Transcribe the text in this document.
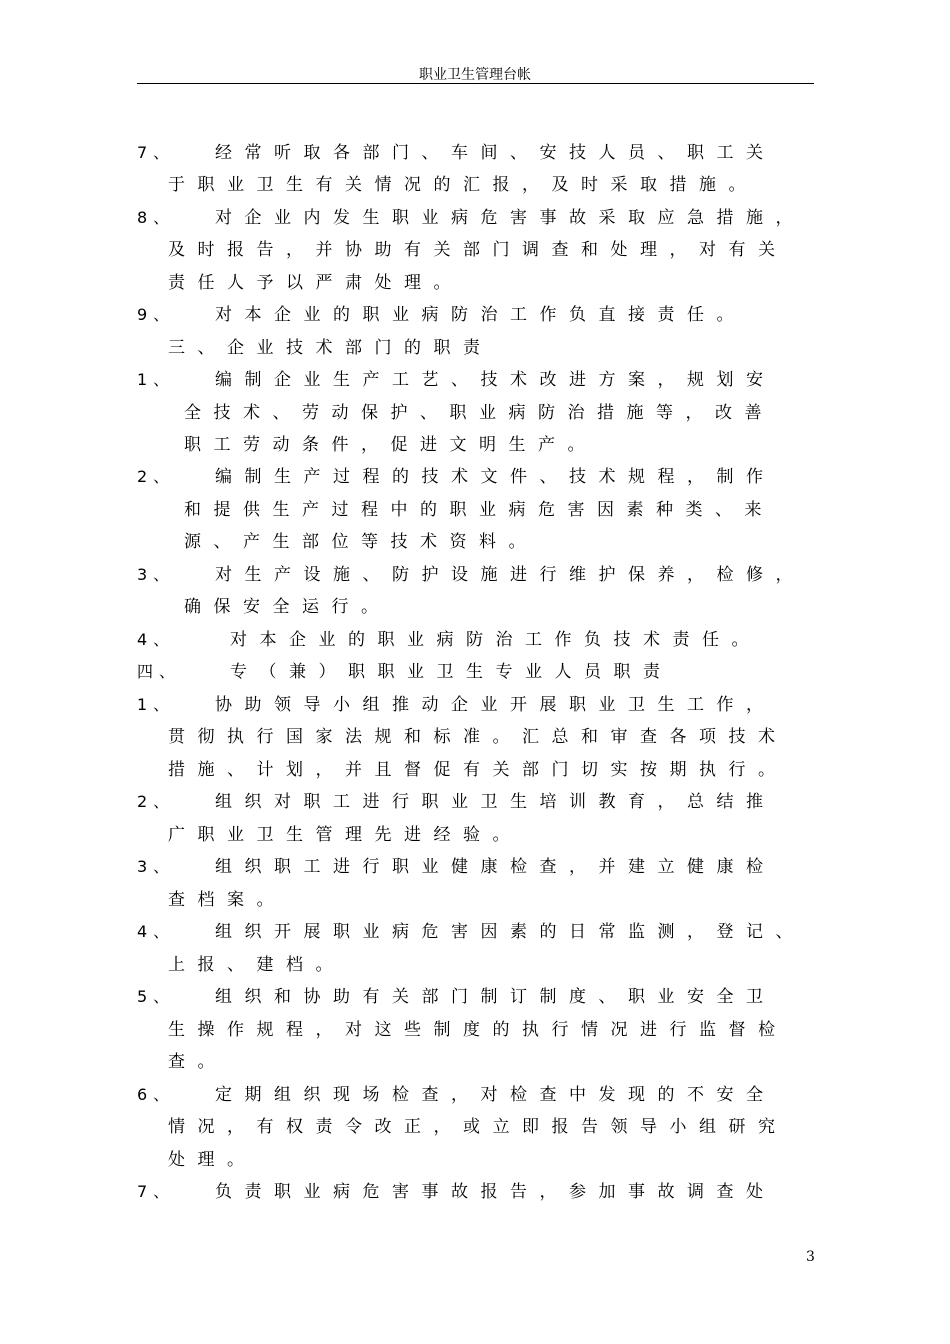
职业卫生管理台帐
7、 经常听取各部门、车间、安技人员、职工关
于职业卫生有关情况的汇报，及时采取措施。
8、 对企业内发生职业病危害事故采取应急措施，
及时报告，并协助有关部门调查和处理，对有关
责任人予以严肃处理。
9、 对本企业的职业病防治工作负直接责任。
三、企业技术部门的职责
1、 编制企业生产工艺、技术改进方案，规划安
全技术、劳动保护、职业病防治措施等，改善
职工劳动条件，促进文明生产。
2、 编制生产过程的技术文件、技术规程，制作
和提供生产过程中的职业病危害因素种类、来
源、产生部位等技术资料。
3、 对生产设施、防护设施进行维护保养，检修，
确保安全运行。
4、	对本企业的职业病防治工作负技术责任。
四、	专（兼）职职业卫生专业人员职责
1、 协助领导小组推动企业开展职业卫生工作，
贯彻执行国家法规和标准。汇总和审查各项技术
措施、计划，并且督促有关部门切实按期执行。
2、 组织对职工进行职业卫生培训教育，总结推
广职业卫生管理先进经验。
3、 组织职工进行职业健康检查，并建立健康检
查档案。
4、 组织开展职业病危害因素的日常监测，登记、
上报、建档。
5、 组织和协助有关部门制订制度、职业安全卫
生操作规程，对这些制度的执行情况进行监督检
查。
6、 定期组织现场检查，对检查中发现的不安全
情况，有权责令改正，或立即报告领导小组研究
处理。
7、 负责职业病危害事故报告，参加事故调查处
3
